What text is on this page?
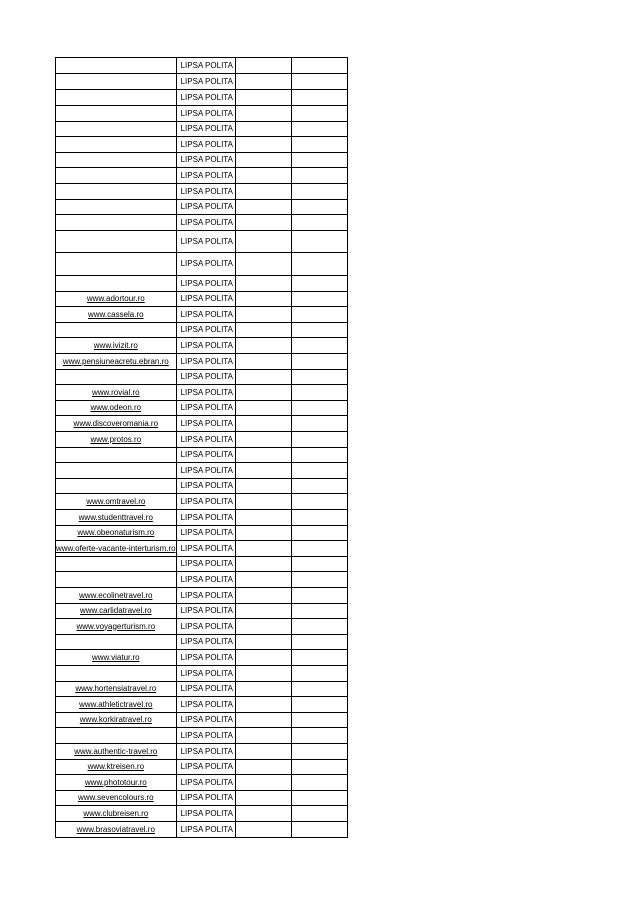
	LIPSA POLITA		
	LIPSA POLITA		
	LIPSA POLITA		
	LIPSA POLITA		
	LIPSA POLITA		
	LIPSA POLITA		
	LIPSA POLITA		
	LIPSA POLITA		
	LIPSA POLITA		
	LIPSA POLITA		
	LIPSA POLITA		
	LIPSA POLITA		
	LIPSA POLITA		
	LIPSA POLITA		
www.adortour.ro	LIPSA POLITA		
www.cassela.ro	LIPSA POLITA		
	LIPSA POLITA		
www.ivizit.ro	LIPSA POLITA		
www.pensiuneacretu.ebran.ro	LIPSA POLITA		
	LIPSA POLITA		
www.rovial.ro	LIPSA POLITA		
www.odeon.ro	LIPSA POLITA		
www.discoveromania.ro	LIPSA POLITA		
www.protos.ro	LIPSA POLITA		
	LIPSA POLITA		
	LIPSA POLITA		
	LIPSA POLITA		
www.omtravel.ro	LIPSA POLITA		
www.studenttravel.ro	LIPSA POLITA		
www.obeonaturism.ro	LIPSA POLITA		
www.oferte-vacante-interturism.ro	LIPSA POLITA		
	LIPSA POLITA		
	LIPSA POLITA		
www.ecolinetravel.ro	LIPSA POLITA		
www.carlidatravel.ro	LIPSA POLITA		
www.voyagerturism.ro	LIPSA POLITA		
	LIPSA POLITA		
www.viatur.ro	LIPSA POLITA		
	LIPSA POLITA		
www.hortensiatravel.ro	LIPSA POLITA		
www.athletictravel.ro	LIPSA POLITA		
www.korkiratravel.ro	LIPSA POLITA		
	LIPSA POLITA		
www.authentic-travel.ro	LIPSA POLITA		
www.ktreisen.ro	LIPSA POLITA		
www.phototour.ro	LIPSA POLITA		
www.sevencolours.ro	LIPSA POLITA		
www.clubreisen.ro	LIPSA POLITA		
www.brasoviatravel.ro	LIPSA POLITA		
